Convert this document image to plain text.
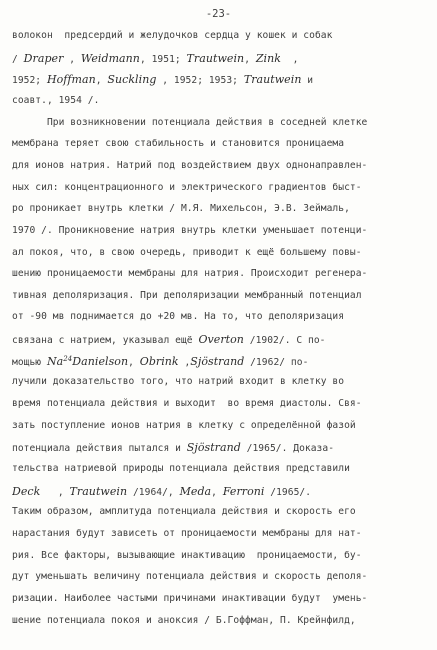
-23-
волокон  предсердий и желудочков сердца у кошек и собак
/ Draper , Weidmann, 1951; Trautwein, Zink  ,
1952; Hoffman, Suckling , 1952; 1953; Trautwein и
соавт., 1954 /.
При возникновении потенциала действия в соседней клетке
мембрана теряет свою стабильность и становится проницаема
для ионов натрия. Натрий под воздействием двух однонаправлен-
ных сил: концентрационного и электрического градиентов быст-
ро проникает внутрь клетки / М.Я. Михельсон, Э.В. Зеймаль,
1970 /. Проникновение натрия внутрь клетки уменьшает потенци-
ал покоя, что, в свою очередь, приводит к ещё большему повы-
шению проницаемости мембраны для натрия. Происходит регенера-
тивная деполяризация. При деполяризации мембранный потенциал
от -90 мв поднимается до +20 мв. На то, что деполяризация
связана с натрием, указывал ещё Overton /1902/. С по-
мощью Na$^{24}$Danielson, Obrink ,Sjöstrand /1962/ по-
лучили доказательство того, что натрий входит в клетку во
время потенциала действия и выходит  во время диастолы. Свя-
зать поступление ионов натрия в клетку с определённой фазой
потенциала действия пытался и Sjöstrand /1965/. Доказа-
тельства натриевой природы потенциала действия представили
Deck   , Trautwein /1964/, Meda, Ferroni /1965/.
Таким образом, амплитуда потенциала действия и скорость его
нарастания будут зависеть от проницаемости мембраны для нат-
рия. Все факторы, вызывающие инактивацию  проницаемости, бу-
дут уменьшать величину потенциала действия и скорость деполя-
ризации. Наиболее частыми причинами инактивации будут  умень-
шение потенциала покоя и аноксия / Б.Гоффман, П. Крейнфилд,
